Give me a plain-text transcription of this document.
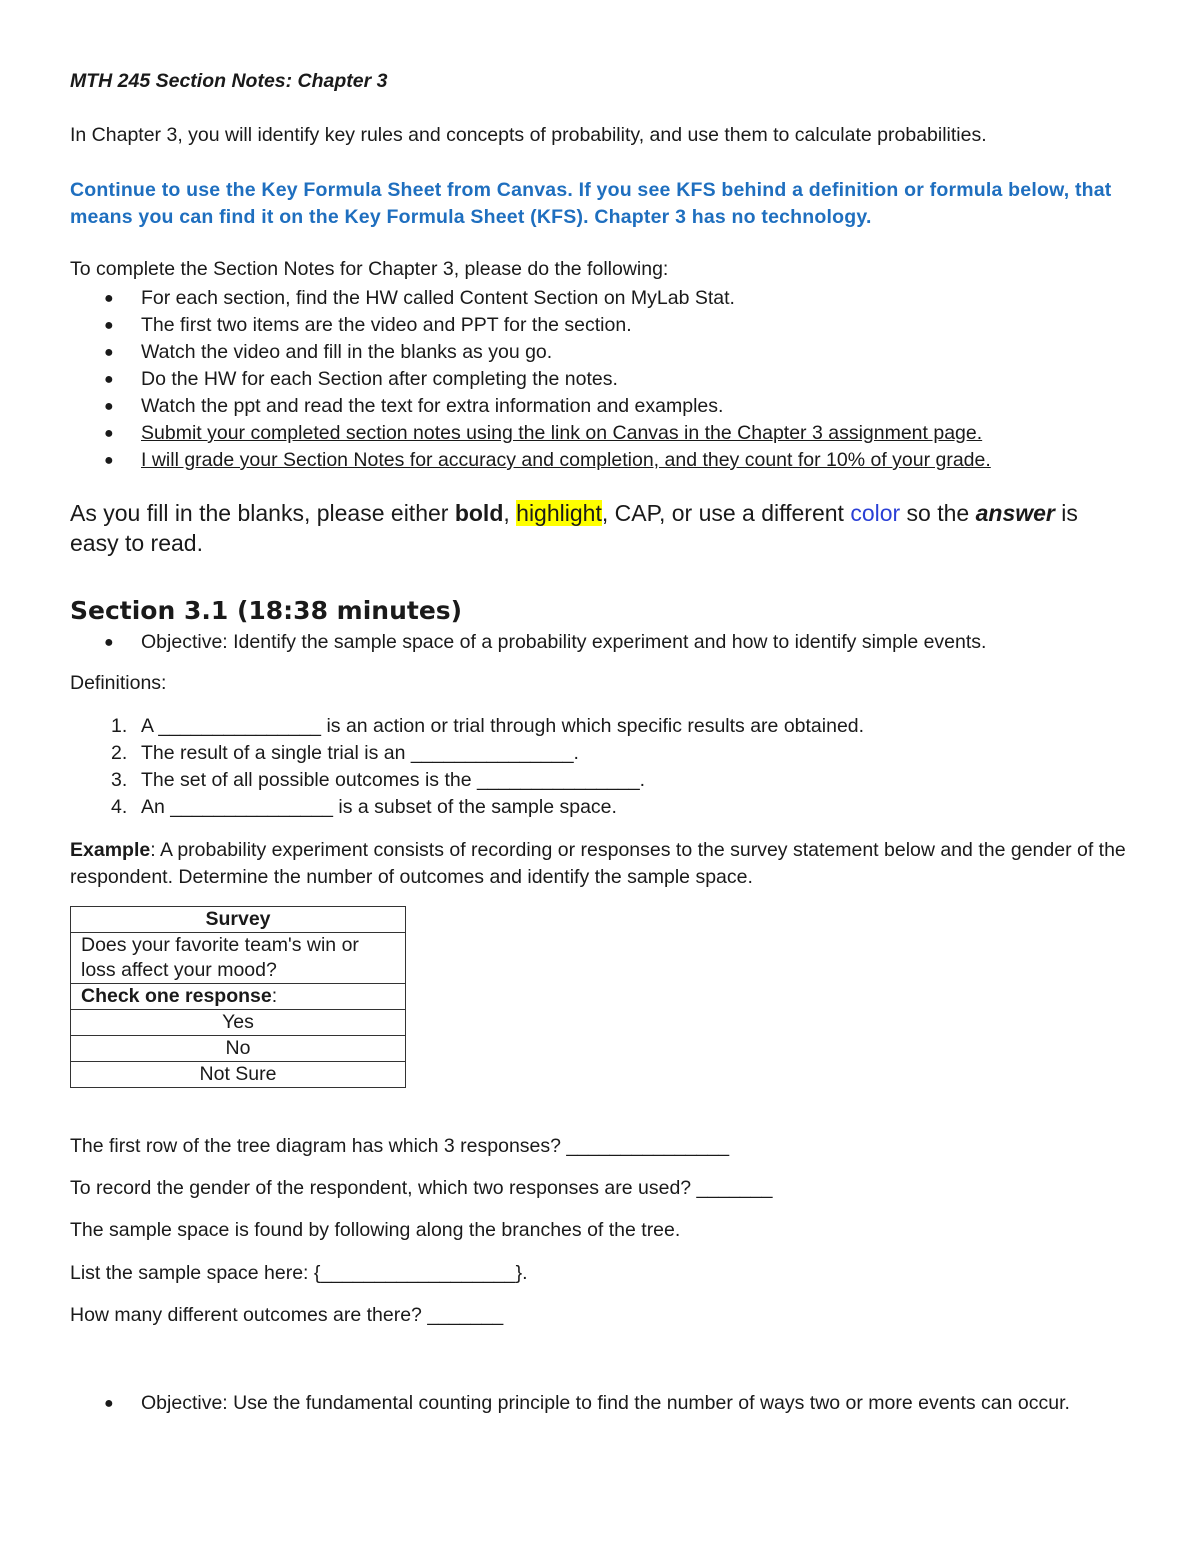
MTH 245 Section Notes: Chapter 3
In Chapter 3, you will identify key rules and concepts of probability, and use them to calculate probabilities.
Continue to use the Key Formula Sheet from Canvas. If you see KFS behind a definition or formula below, that means you can find it on the Key Formula Sheet (KFS). Chapter 3 has no technology.
To complete the Section Notes for Chapter 3, please do the following:
● For each section, find the HW called Content Section on MyLab Stat.
● The first two items are the video and PPT for the section.
● Watch the video and fill in the blanks as you go.
● Do the HW for each Section after completing the notes.
● Watch the ppt and read the text for extra information and examples.
● Submit your completed section notes using the link on Canvas in the Chapter 3 assignment page.
● I will grade your Section Notes for accuracy and completion, and they count for 10% of your grade.
As you fill in the blanks, please either bold, highlight, CAP, or use a different color so the answer is easy to read.
Section 3.1 (18:38 minutes)
● Objective: Identify the sample space of a probability experiment and how to identify simple events.
Definitions:
1. A _______________ is an action or trial through which specific results are obtained.
2. The result of a single trial is an _______________.
3. The set of all possible outcomes is the _______________.
4. An _______________ is a subset of the sample space.
Example: A probability experiment consists of recording or responses to the survey statement below and the gender of the respondent. Determine the number of outcomes and identify the sample space.
Survey
Does your favorite team's win or loss affect your mood?
Check one response:
Yes
No
Not Sure
The first row of the tree diagram has which 3 responses? _______________
To record the gender of the respondent, which two responses are used? _______
The sample space is found by following along the branches of the tree.
List the sample space here: {__________________}.
How many different outcomes are there? _______
● Objective: Use the fundamental counting principle to find the number of ways two or more events can occur.
